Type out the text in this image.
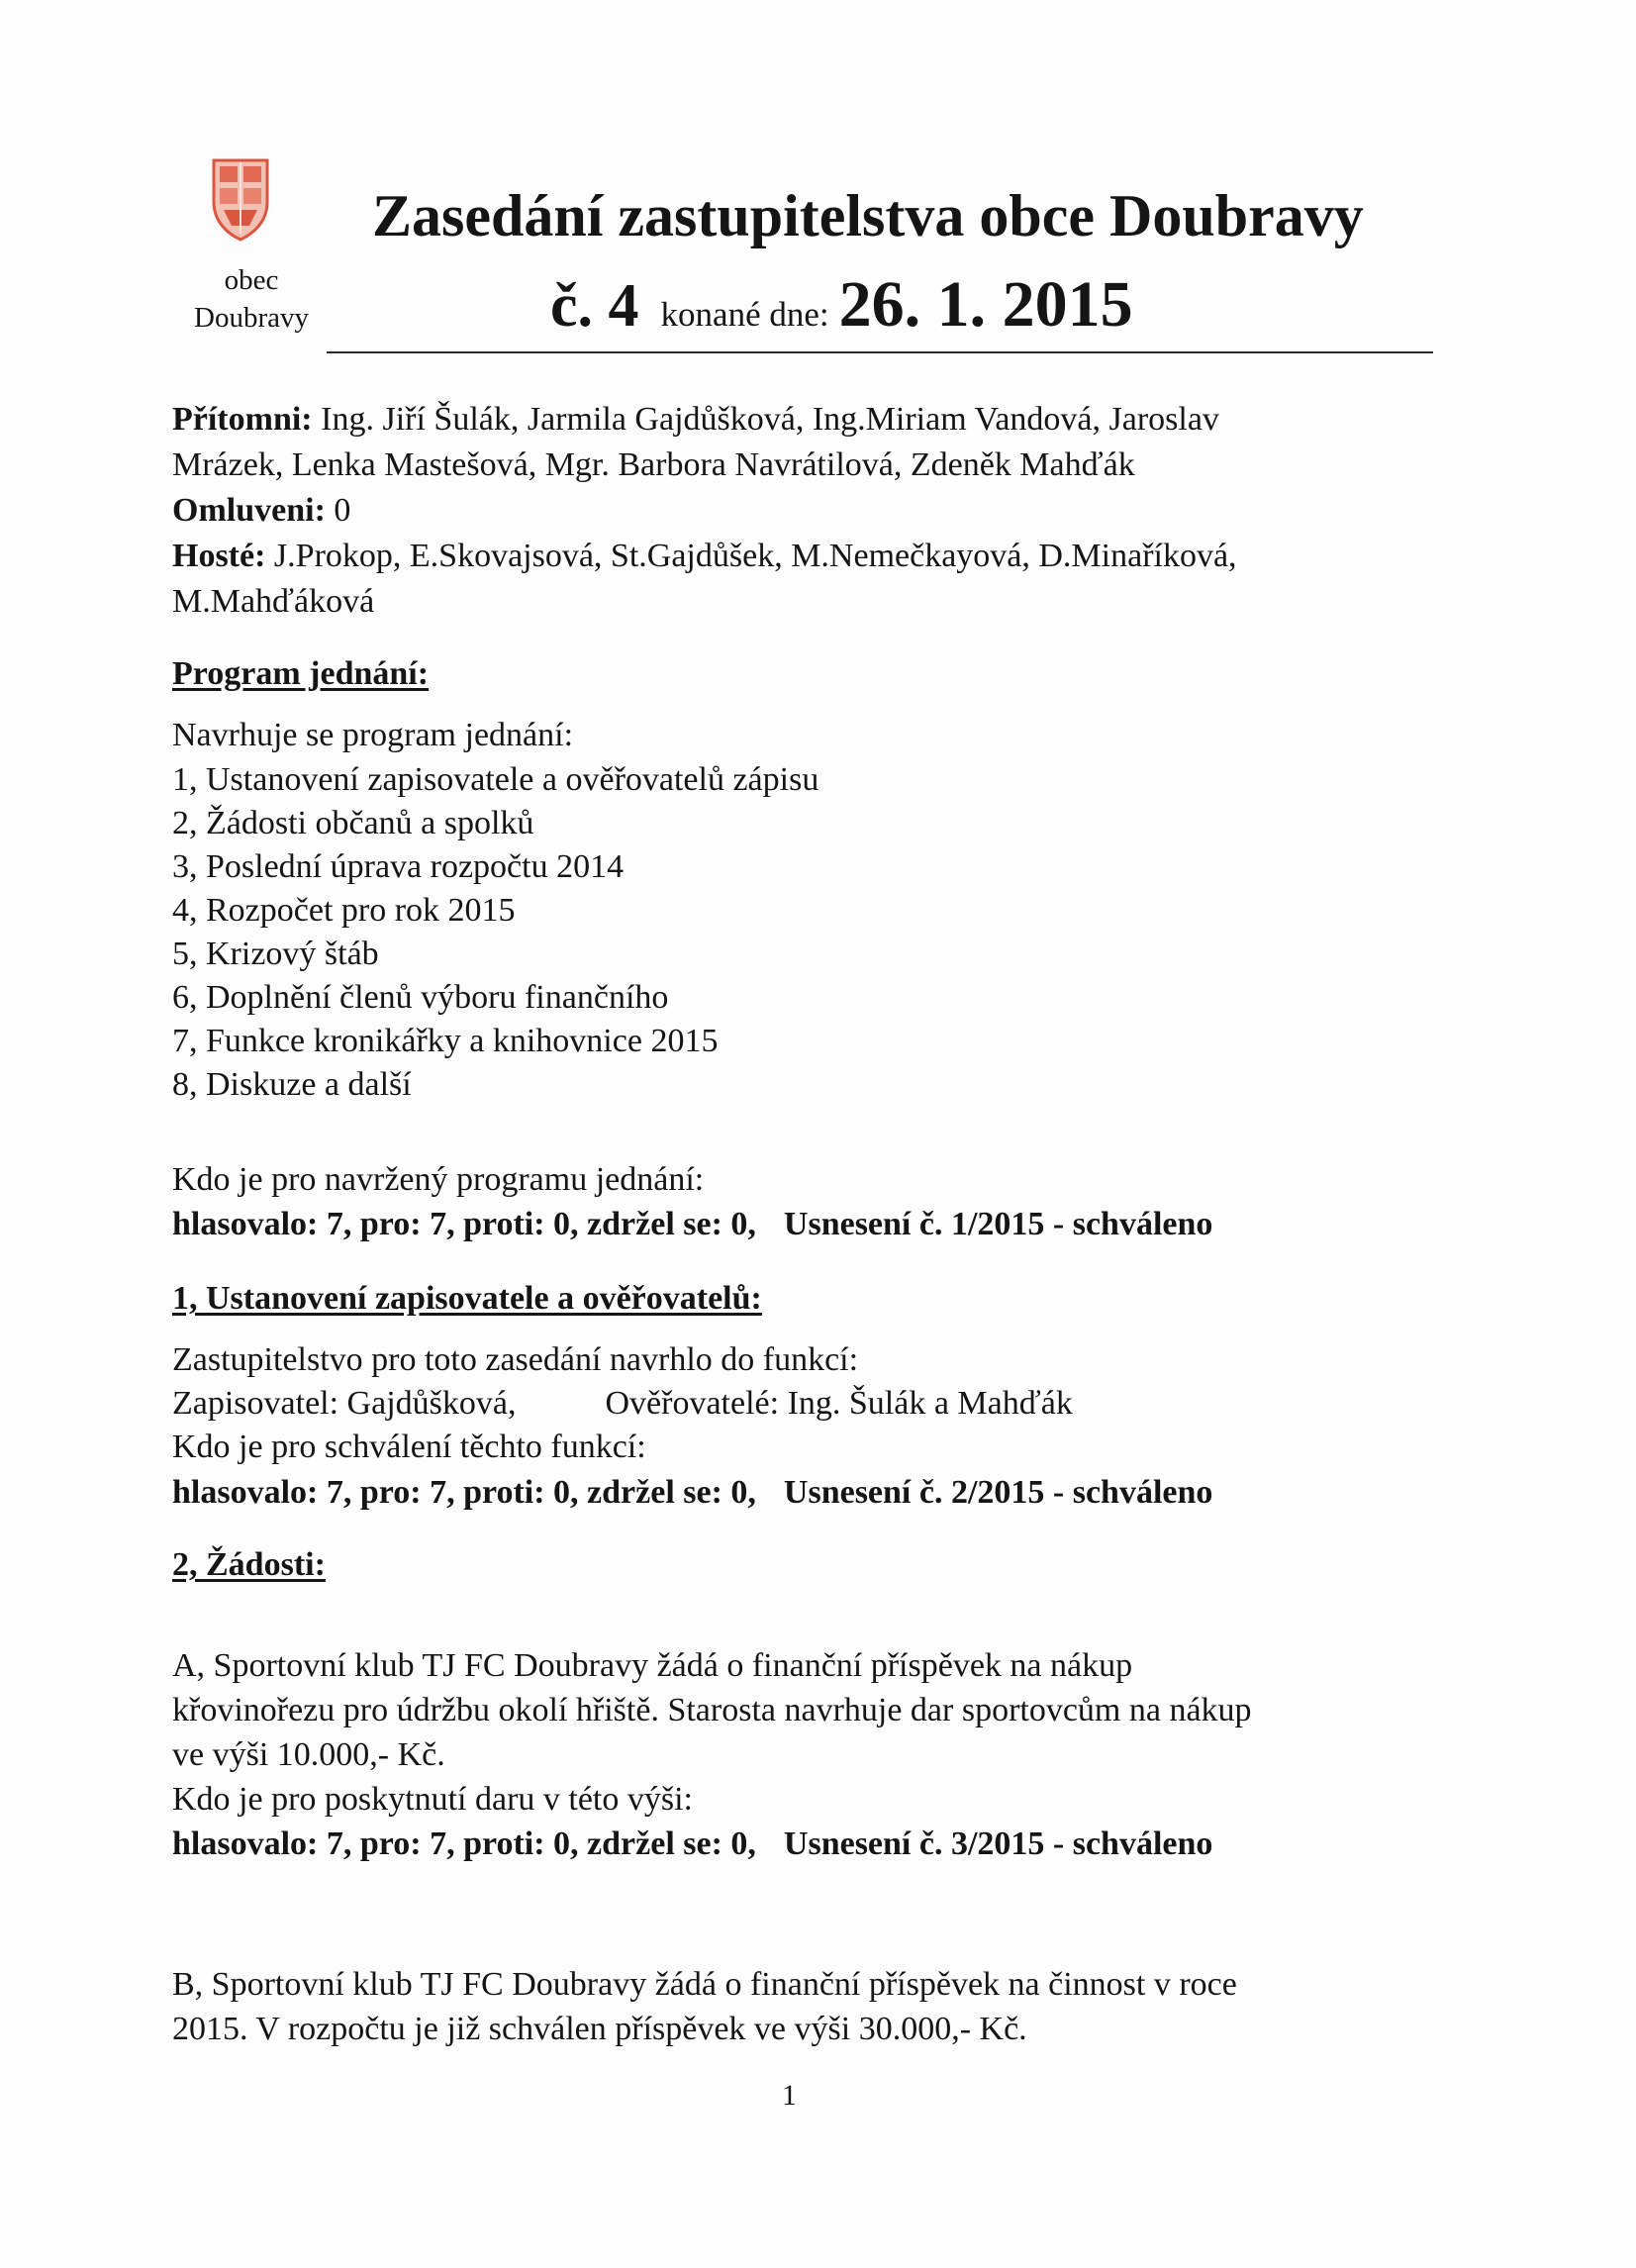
obec
Doubravy
Zasedání zastupitelstva obce Doubravy
č. 4 konané dne: 26. 1. 2015
Přítomni: Ing. Jiří Šulák, Jarmila Gajdůšková, Ing.Miriam Vandová, Jaroslav
Mrázek, Lenka Mastešová, Mgr. Barbora Navrátilová, Zdeněk Mahďák
Omluveni: 0
Hosté: J.Prokop, E.Skovajsová, St.Gajdůšek, M.Nemečkayová, D.Minaříková,
M.Mahďáková
Program jednání:
Navrhuje se program jednání:
1, Ustanovení zapisovatele a ověřovatelů zápisu
2, Žádosti občanů a spolků
3, Poslední úprava rozpočtu 2014
4, Rozpočet pro rok 2015
5, Krizový štáb
6, Doplnění členů výboru finančního
7, Funkce kronikářky a knihovnice 2015
8, Diskuze a další
Kdo je pro navržený programu jednání:
hlasovalo: 7, pro: 7, proti: 0, zdržel se: 0, Usnesení č. 1/2015 - schváleno
1, Ustanovení zapisovatele a ověřovatelů:
Zastupitelstvo pro toto zasedání navrhlo do funkcí:
Zapisovatel: Gajdůšková,	Ověřovatelé: Ing. Šulák a Mahďák
Kdo je pro schválení těchto funkcí:
hlasovalo: 7, pro: 7, proti: 0, zdržel se: 0, Usnesení č. 2/2015 - schváleno
2, Žádosti:
A, Sportovní klub TJ FC Doubravy žádá o finanční příspěvek na nákup
křovinořezu pro údržbu okolí hřiště. Starosta navrhuje dar sportovcům na nákup
ve výši 10.000,- Kč.
Kdo je pro poskytnutí daru v této výši:
hlasovalo: 7, pro: 7, proti: 0, zdržel se: 0, Usnesení č. 3/2015 - schváleno
B, Sportovní klub TJ FC Doubravy žádá o finanční příspěvek na činnost v roce
2015. V rozpočtu je již schválen příspěvek ve výši 30.000,- Kč.
1
